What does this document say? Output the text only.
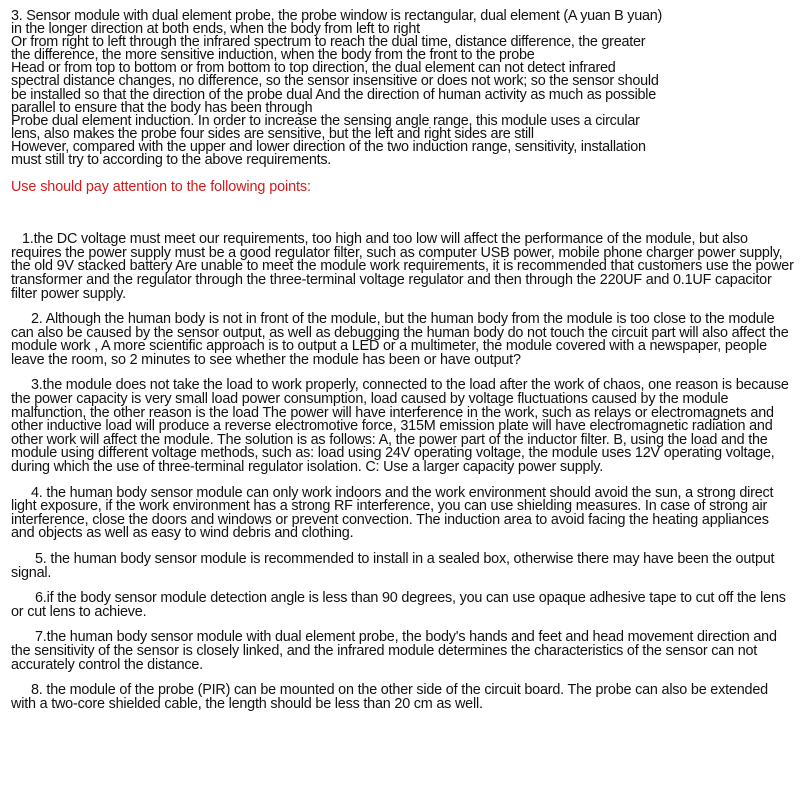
3. Sensor module with dual element probe, the probe window is rectangular, dual element (A yuan B yuan)

in the longer direction at both ends, when the body from left to right

Or from right to left through the infrared spectrum to reach the dual time, distance difference, the greater

the difference, the more sensitive induction, when the body from the front to the probe

Head or from top to bottom or from bottom to top direction, the dual element can not detect infrared

spectral distance changes, no difference, so the sensor insensitive or does not work; so the sensor should

be installed so that the direction of the probe dual And the direction of human activity as much as possible

parallel to ensure that the body has been through

Probe dual element induction. In order to increase the sensing angle range, this module uses a circular

lens, also makes the probe four sides are sensitive, but the left and right sides are still

However, compared with the upper and lower direction of the two induction range, sensitivity, installation

must still try to according to the above requirements.

Use should pay attention to the following points:

1.the DC voltage must meet our requirements, too high and too low will affect the performance of the module, but also requires the power supply must be a good regulator filter, such as computer USB power, mobile phone charger power supply, the old 9V stacked battery Are unable to meet the module work requirements, it is recommended that customers use the power transformer and the regulator through the three-terminal voltage regulator and then through the 220UF and 0.1UF capacitor filter power supply.

2. Although the human body is not in front of the module, but the human body from the module is too close to the module can also be caused by the sensor output, as well as debugging the human body do not touch the circuit part will also affect the module work , A more scientific approach is to output a LED or a multimeter, the module covered with a newspaper, people leave the room, so 2 minutes to see whether the module has been or have output?

3.the module does not take the load to work properly, connected to the load after the work of chaos, one reason is because the power capacity is very small load power consumption, load caused by voltage fluctuations caused by the module malfunction, the other reason is the load The power will have interference in the work, such as relays or electromagnets and other inductive load will produce a reverse electromotive force, 315M emission plate will have electromagnetic radiation and other work will affect the module. The solution is as follows: A, the power part of the inductor filter. B, using the load and the module using different voltage methods, such as: load using 24V operating voltage, the module uses 12V operating voltage, during which the use of three-terminal regulator isolation. C: Use a larger capacity power supply.

4. the human body sensor module can only work indoors and the work environment should avoid the sun, a strong direct light exposure, if the work environment has a strong RF interference, you can use shielding measures. In case of strong air interference, close the doors and windows or prevent convection. The induction area to avoid facing the heating appliances and objects as well as easy to wind debris and clothing.

5. the human body sensor module is recommended to install in a sealed box, otherwise there may have been the output signal.

6.if the body sensor module detection angle is less than 90 degrees, you can use opaque adhesive tape to cut off the lens or cut lens to achieve.

7.the human body sensor module with dual element probe, the body's hands and feet and head movement direction and the sensitivity of the sensor is closely linked, and the infrared module determines the characteristics of the sensor can not accurately control the distance.

8. the module of the probe (PIR) can be mounted on the other side of the circuit board. The probe can also be extended with a two-core shielded cable, the length should be less than 20 cm as well.
